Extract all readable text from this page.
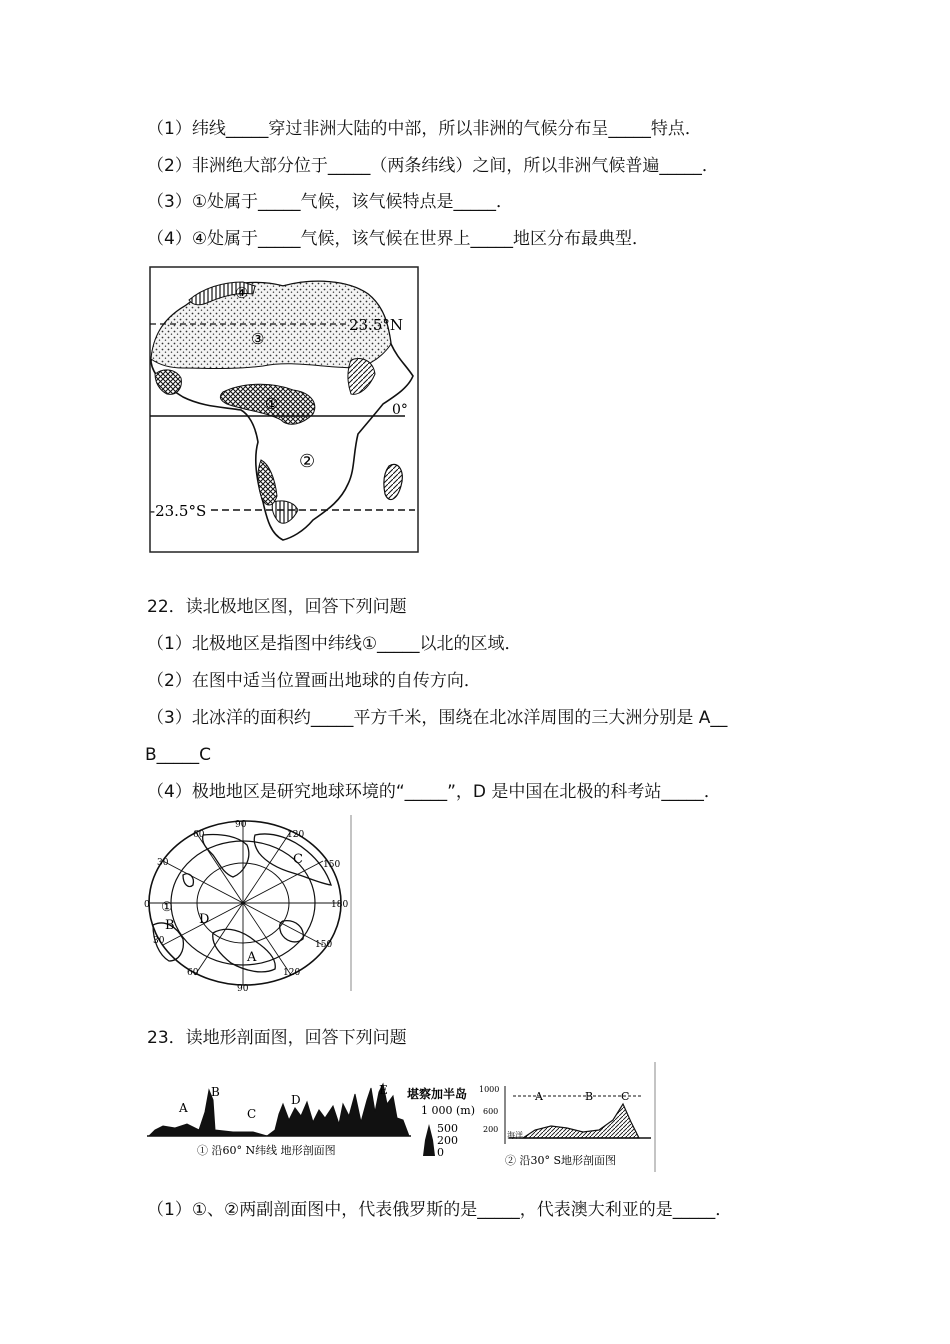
（1）纬线_____穿过非洲大陆的中部，所以非洲的气候分布呈_____特点．
（2）非洲绝大部分位于_____（两条纬线）之间，所以非洲气候普遍_____．
（3）①处属于_____气候，该气候特点是_____．
（4）④处属于_____气候，该气候在世界上_____地区分布最典型．
23.5°N
0°
-23.5°S
④
③
①
②
22．读北极地区图，回答下列问题
（1）北极地区是指图中纬线①_____以北的区域．
（2）在图中适当位置画出地球的自传方向．
（3）北冰洋的面积约_____平方千米，围绕在北冰洋周围的三大洲分别是 A__
B_____C
（4）极地地区是研究地球环境的“_____”，D 是中国在北极的科考站_____．
90
60	120
30	150
0	180
30	150
60	120
90
C
B D
A
①
23．读地形剖面图，回答下列问题
A
B
C
D
E
① 沿60° N纬线 地形剖面图
堪察加半岛
1 000 (m)
500
200
0
1000
600
200
海洋
A	B	C
② 沿30° S地形剖面图
（1）①、②两副剖面图中，代表俄罗斯的是_____，代表澳大利亚的是_____．
